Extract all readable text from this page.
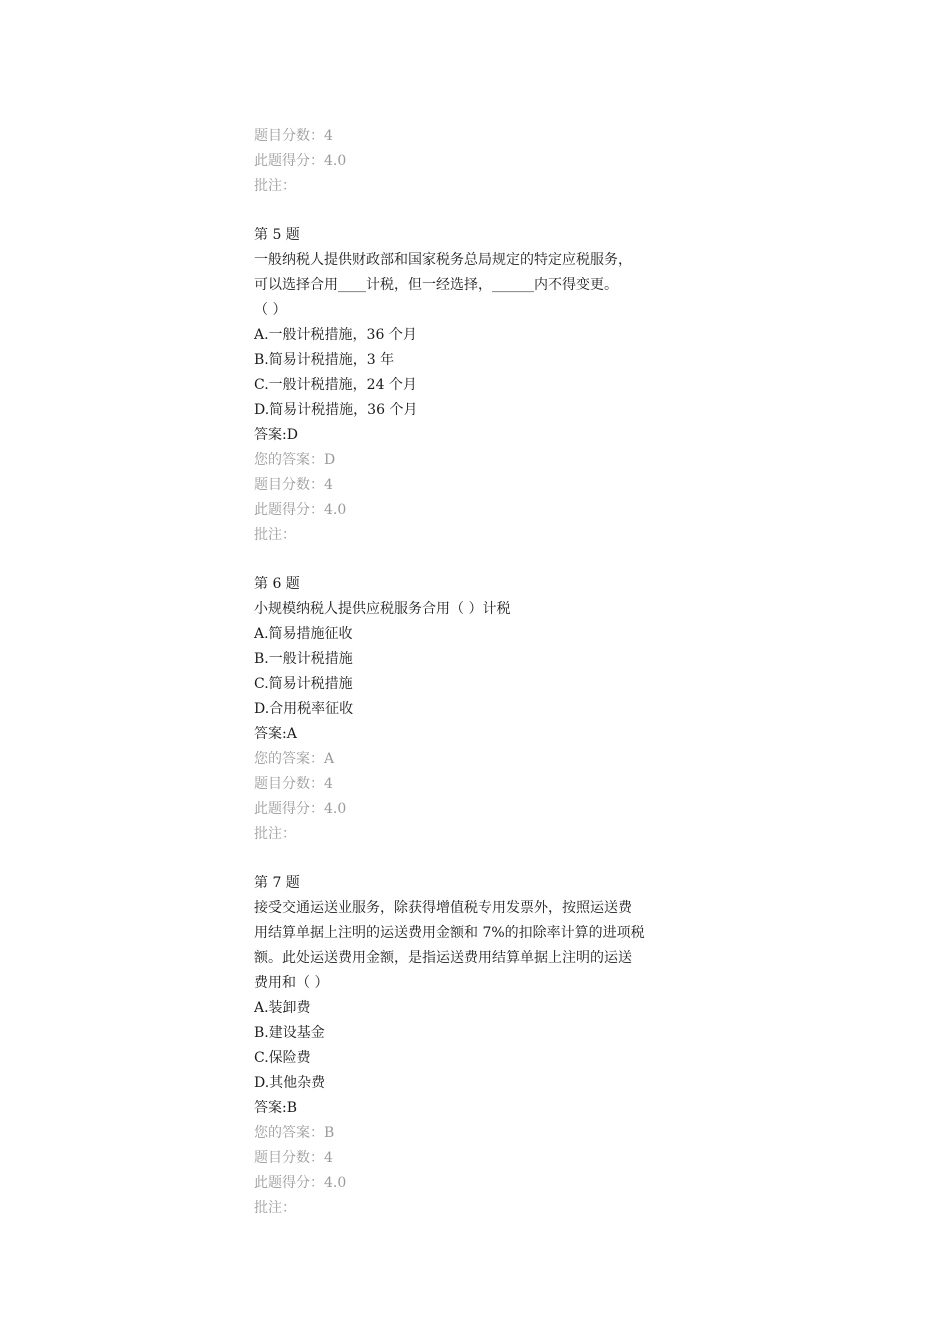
题目分数：4
此题得分：4.0
批注：
第 5 题
一般纳税人提供财政部和国家税务总局规定的特定应税服务，
可以选择合用____计税，但一经选择，______内不得变更。
（ ）
A.一般计税措施，36 个月
B.简易计税措施，3 年
C.一般计税措施，24 个月
D.简易计税措施，36 个月
答案:D
您的答案：D
题目分数：4
此题得分：4.0
批注：
第 6 题
小规模纳税人提供应税服务合用（ ）计税
A.简易措施征收
B.一般计税措施
C.简易计税措施
D.合用税率征收
答案:A
您的答案：A
题目分数：4
此题得分：4.0
批注：
第 7 题
接受交通运送业服务，除获得增值税专用发票外，按照运送费
用结算单据上注明的运送费用金额和 7%的扣除率计算的进项税
额。此处运送费用金额，是指运送费用结算单据上注明的运送
费用和（ ）
A.装卸费
B.建设基金
C.保险费
D.其他杂费
答案:B
您的答案：B
题目分数：4
此题得分：4.0
批注：
